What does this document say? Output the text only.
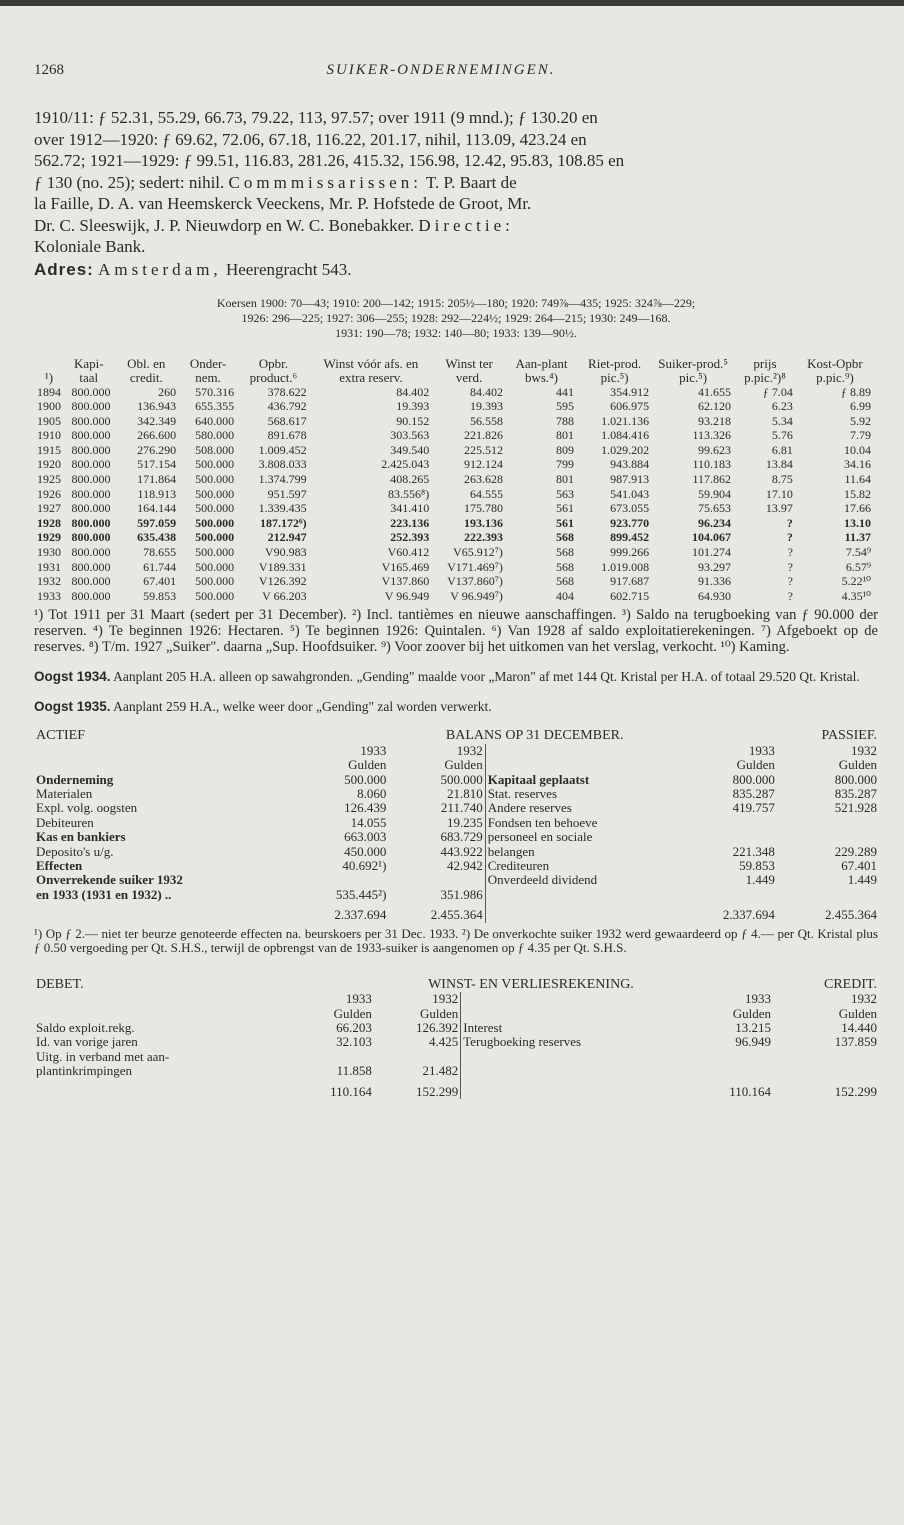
1268	SUIKER-ONDERNEMINGEN.
1910/11: ƒ 52.31, 55.29, 66.73, 79.22, 113, 97.57; over 1911 (9 mnd.); ƒ 130.20 en
over 1912—1920: ƒ 69.62, 72.06, 67.18, 116.22, 201.17, nihil, 113.09, 423.24 en
562.72; 1921—1929: ƒ 99.51, 116.83, 281.26, 415.32, 156.98, 12.42, 95.83, 108.85 en
ƒ 130 (no. 25); sedert: nihil. Commmissarissen: T. P. Baart de
la Faille, D. A. van Heemskerck Veeckens, Mr. P. Hofstede de Groot, Mr.
Dr. C. Sleeswijk, J. P. Nieuwdorp en W. C. Bonebakker. Directie:
Koloniale Bank.
Adres: Amsterdam, Heerengracht 543.
Koersen 1900: 70—43; 1910: 200—142; 1915: 205½—180; 1920: 749⅞—435; 1925: 324⅞—229;
1926: 296—225; 1927: 306—255; 1928: 292—224½; 1929: 264—215; 1930: 249—168.
1931: 190—78; 1932: 140—80; 1933: 139—90½.
¹)	Kapi-taal	Obl. en credit.	Onder-nem.	Opbr. product.⁶	Winst vóór afs. en extra reserv.	Winst ter verd.	Aan-plant bws.⁴)	Riet-prod. pic.⁵)	Suiker-prod.⁵ pic.⁵)	prijs p.pic.²)⁸	Kost-Opbr p.pic.⁹)
1894	800.000	260	570.316	378.622	84.402	84.402	441	354.912	41.655	ƒ 7.04	ƒ 8.89
1900	800.000	136.943	655.355	436.792	19.393	19.393	595	606.975	62.120	6.23	6.99
1905	800.000	342.349	640.000	568.617	90.152	56.558	788	1.021.136	93.218	5.34	5.92
1910	800.000	266.600	580.000	891.678	303.563	221.826	801	1.084.416	113.326	5.76	7.79
1915	800.000	276.290	508.000	1.009.452	349.540	225.512	809	1.029.202	99.623	6.81	10.04
1920	800.000	517.154	500.000	3.808.033	2.425.043	912.124	799	943.884	110.183	13.84	34.16
1925	800.000	171.864	500.000	1.374.799	408.265	263.628	801	987.913	117.862	8.75	11.64
1926	800.000	118.913	500.000	951.597	83.556⁸)	64.555	563	541.043	59.904	17.10	15.82
1927	800.000	164.144	500.000	1.339.435	341.410	175.780	561	673.055	75.653	13.97	17.66
1928	800.000	597.059	500.000	187.172⁶)	223.136	193.136	561	923.770	96.234	?	13.10
1929	800.000	635.438	500.000	212.947	252.393	222.393	568	899.452	104.067	?	11.37
1930	800.000	78.655	500.000	V90.983	V60.412	V65.912⁷)	568	999.266	101.274	?	7.54⁹
1931	800.000	61.744	500.000	V189.331	V165.469	V171.469⁷)	568	1.019.008	93.297	?	6.57⁹
1932	800.000	67.401	500.000	V126.392	V137.860	V137.860⁷)	568	917.687	91.336	?	5.22¹⁰
1933	800.000	59.853	500.000	V 66.203	V 96.949	V 96.949⁷)	404	602.715	64.930	?	4.35¹⁰
¹) Tot 1911 per 31 Maart (sedert per 31 December). ²) Incl. tantièmes en nieuwe aanschaffingen. ³) Saldo na terugboeking van ƒ 90.000 der reserven. ⁴) Te beginnen 1926: Hectaren. ⁵) Te beginnen 1926: Quintalen. ⁶) Van 1928 af saldo exploitatierekeningen. ⁷) Afgeboekt op de reserves. ⁸) T/m. 1927 „Suiker". daarna „Sup. Hoofdsuiker. ⁹) Voor zoover bij het uitkomen van het verslag, verkocht. ¹⁰) Kaming.
Oogst 1934. Aanplant 205 H.A. alleen op sawahgronden. „Gending" maalde voor „Maron" af met 144 Qt. Kristal per H.A. of totaal 29.520 Qt. Kristal.
Oogst 1935. Aanplant 259 H.A., welke weer door „Gending" zal worden verwerkt.
ACTIEF	BALANS OP 31 DECEMBER.				PASSIEF.
	1933	1932		1933	1932
	Gulden	Gulden		Gulden	Gulden
Onderneming	500.000	500.000	Kapitaal geplaatst	800.000	800.000
Materialen	8.060	21.810	Stat. reserves	835.287	835.287
Expl. volg. oogsten	126.439	211.740	Andere reserves	419.757	521.928
Debiteuren	14.055	19.235	Fondsen ten behoeve		
Kas en bankiers	663.003	683.729	personeel en sociale		
Deposito's u/g.	450.000	443.922	belangen	221.348	229.289
Effecten	40.692¹)	42.942	Crediteuren	59.853	67.401
Onverrekende suiker 1932			Onverdeeld dividend	1.449	1.449
en 1933 (1931 en 1932) ..	535.445²)	351.986			
	2.337.694	2.455.364		2.337.694	2.455.364
¹) Op ƒ 2.— niet ter beurze genoteerde effecten na. beurskoers per 31 Dec. 1933. ²) De onverkochte suiker 1932 werd gewaardeerd op ƒ 4.— per Qt. Kristal plus ƒ 0.50 vergoeding per Qt. S.H.S., terwijl de opbrengst van de 1933-suiker is aangenomen op ƒ 4.35 per Qt. S.H.S.
DEBET.	WINST- EN VERLIESREKENING.				CREDIT.
	1933	1932		1933	1932
	Gulden	Gulden		Gulden	Gulden
Saldo exploit.rekg.	66.203	126.392	Interest	13.215	14.440
Id. van vorige jaren	32.103	4.425	Terugboeking reserves	96.949	137.859
Uitg. in verband met aan-					
plantinkrimpingen	11.858	21.482			
	110.164	152.299		110.164	152.299
